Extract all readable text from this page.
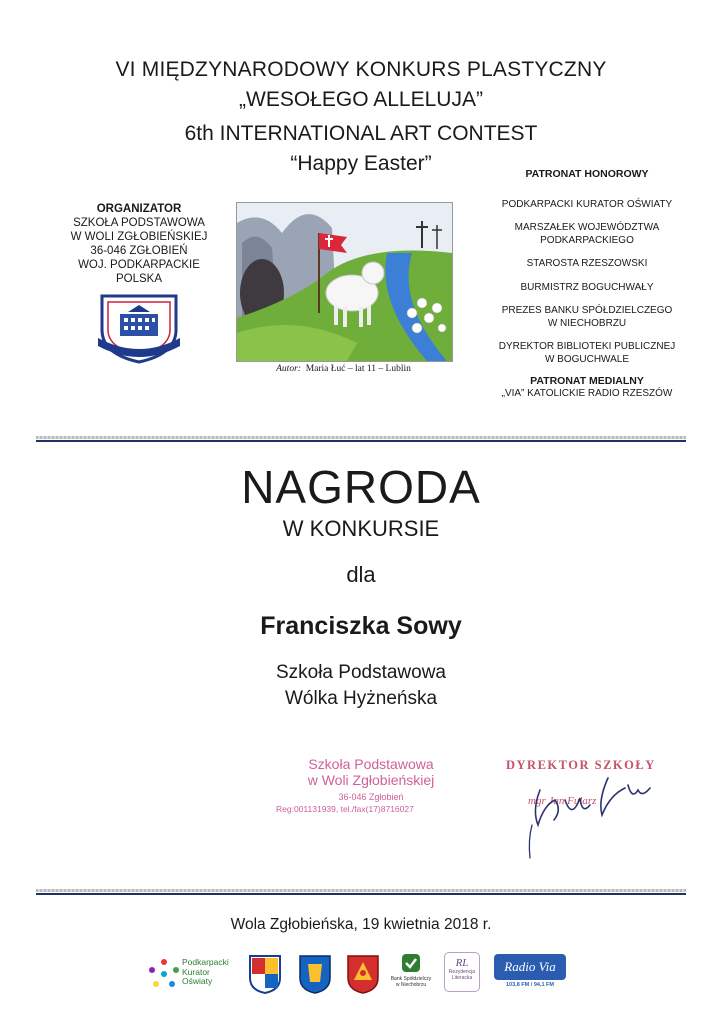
VI MIĘDZYNARODOWY KONKURS PLASTYCZNY
„WESOŁEGO ALLELUJA”
6th INTERNATIONAL ART CONTEST
“Happy Easter”
ORGANIZATOR
SZKOŁA PODSTAWOWA
W WOLI ZGŁOBIEŃSKIEJ
36-046 ZGŁOBIEŃ
WOJ. PODKARPACKIE
POLSKA
Autor: Maria Łuć – lat 11 – Lublin
PATRONAT HONOROWY
PODKARPACKI KURATOR OŚWIATY
MARSZAŁEK WOJEWÓDZTWA
PODKARPACKIEGO
STAROSTA RZESZOWSKI
BURMISTRZ BOGUCHWAŁY
PREZES BANKU SPÓŁDZIELCZEGO
W NIECHOBRZU
DYREKTOR BIBLIOTEKI PUBLICZNEJ
W BOGUCHWALE
PATRONAT MEDIALNY
„VIA” KATOLICKIE RADIO RZESZÓW
NAGRODA
W KONKURSIE
dla
Franciszka Sowy
Szkoła Podstawowa
Wólka Hyżneńska
Szkoła Podstawowa
w Woli Zgłobieńskiej
36-046 Zgłobień
Reg:001131939, tel./fax(17)8716027
DYREKTOR SZKOŁY
mgr Jan Fularz
Wola Zgłobieńska, 19 kwietnia 2018 r.
Podkarpacki
Kurator
Oświaty	Bank Spółdzielczy
w Niechobrzu
RL
Rezydencja
Literacka
Radio Via
103,8 FM / 94,1 FM
